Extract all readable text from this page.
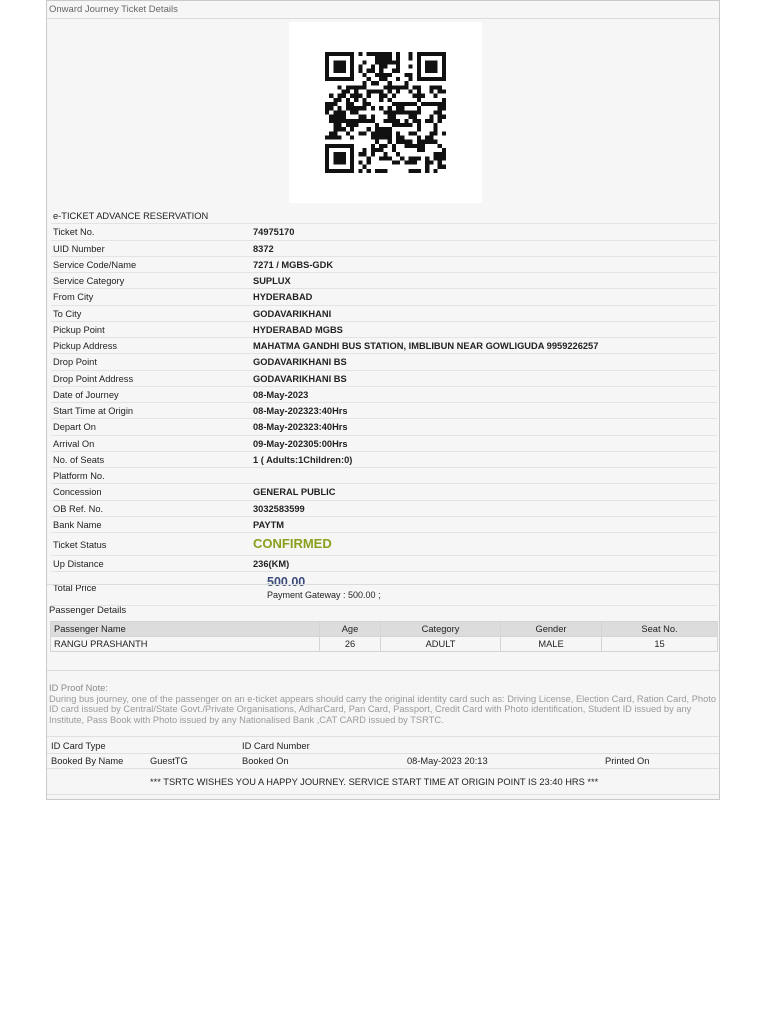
Onward Journey Ticket Details
e-TICKET ADVANCE RESERVATION
Ticket No.	74975170
UID Number	8372
Service Code/Name	7271 / MGBS-GDK
Service Category	SUPLUX
From City	HYDERABAD
To City	GODAVARIKHANI
Pickup Point	HYDERABAD MGBS
Pickup Address	MAHATMA GANDHI BUS STATION, IMBLIBUN NEAR GOWLIGUDA 9959226257
Drop Point	GODAVARIKHANI BS
Drop Point Address	GODAVARIKHANI BS
Date of Journey	08-May-2023
Start Time at Origin	08-May-202323:40Hrs
Depart On	08-May-202323:40Hrs
Arrival On	09-May-202305:00Hrs
No. of Seats	1 ( Adults:1Children:0)
Platform No.
Concession	GENERAL PUBLIC
OB Ref. No.	3032583599
Bank Name	PAYTM
Ticket Status	CONFIRMED
Up Distance	236(KM)
Total Price	500.00
Payment Gateway : 500.00 ;
Passenger Details
Passenger Name	Age	Category	Gender	Seat No.
RANGU PRASHANTH	26	ADULT	MALE	15
ID Proof Note:
During bus journey, one of the passenger on an e-ticket appears should carry the original identity card such as: Driving License, Election Card, Ration Card, Photo ID card issued by Central/State Govt./Private Organisations, AdharCard, Pan Card, Passport, Credit Card with Photo identification, Student ID issued by any Institute, Pass Book with Photo issued by any Nationalised Bank ,CAT CARD issued by TSRTC.
ID Card Type	ID Card Number
Booked By Name	GuestTG	Booked On	08-May-2023 20:13	Printed On
*** TSRTC WISHES YOU A HAPPY JOURNEY. SERVICE START TIME AT ORIGIN POINT IS 23:40 HRS ***
